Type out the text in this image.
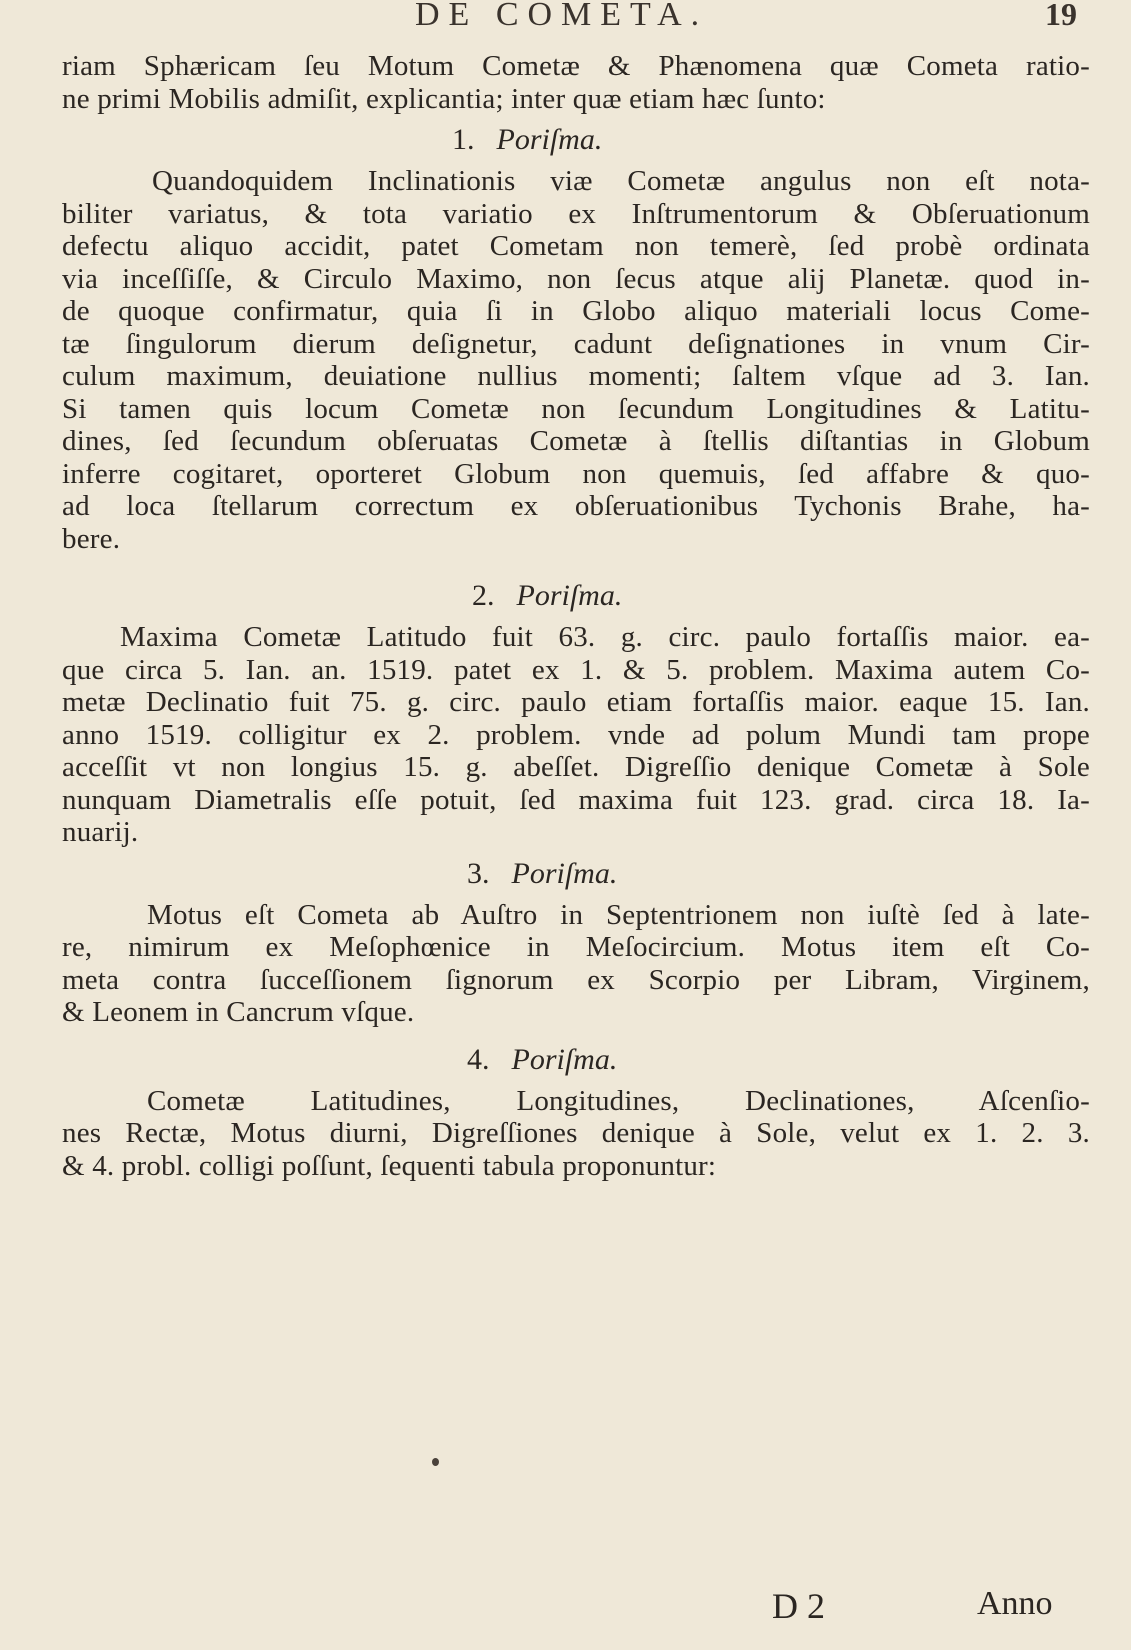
DE COMETA.	19
riam Sphæricam ſeu Motum Cometæ & Phænomena quæ Cometa ratio-
ne primi Mobilis admiſit, explicantia; inter quæ etiam hæc ſunto:
1. Poriſma.
Quandoquidem Inclinationis viæ Cometæ angulus non eſt nota-
biliter variatus, & tota variatio ex Inſtrumentorum & Obſeruationum
defectu aliquo accidit, patet Cometam non temerè, ſed probè ordinata
via inceſſiſſe, & Circulo Maximo, non ſecus atque alij Planetæ. quod in-
de quoque confirmatur, quia ſi in Globo aliquo materiali locus Come-
tæ ſingulorum dierum deſignetur, cadunt deſignationes in vnum Cir-
culum maximum, deuiatione nullius momenti; ſaltem vſque ad 3. Ian.
Si tamen quis locum Cometæ non ſecundum Longitudines & Latitu-
dines, ſed ſecundum obſeruatas Cometæ à ſtellis diſtantias in Globum
inferre cogitaret, oporteret Globum non quemuis, ſed affabre & quo-
ad loca ſtellarum correctum ex obſeruationibus Tychonis Brahe, ha-
bere.
2. Poriſma.
Maxima Cometæ Latitudo fuit 63. g. circ. paulo fortaſſis maior. ea-
que circa 5. Ian. an. 1519. patet ex 1. & 5. problem. Maxima autem Co-
metæ Declinatio fuit 75. g. circ. paulo etiam fortaſſis maior. eaque 15. Ian.
anno 1519. colligitur ex 2. problem. vnde ad polum Mundi tam prope
acceſſit vt non longius 15. g. abeſſet. Digreſſio denique Cometæ à Sole
nunquam Diametralis eſſe potuit, ſed maxima fuit 123. grad. circa 18. Ia-
nuarij.
3. Poriſma.
Motus eſt Cometa ab Auſtro in Septentrionem non iuſtè ſed à late-
re, nimirum ex Meſophœnice in Meſocircium. Motus item eſt Co-
meta contra ſucceſſionem ſignorum ex Scorpio per Libram, Virginem,
& Leonem in Cancrum vſque.
4. Poriſma.
Cometæ Latitudines, Longitudines, Declinationes, Aſcenſio-
nes Rectæ, Motus diurni, Digreſſiones denique à Sole, velut ex 1. 2. 3.
& 4. probl. colligi poſſunt, ſequenti tabula proponuntur:
D 2	Anno
